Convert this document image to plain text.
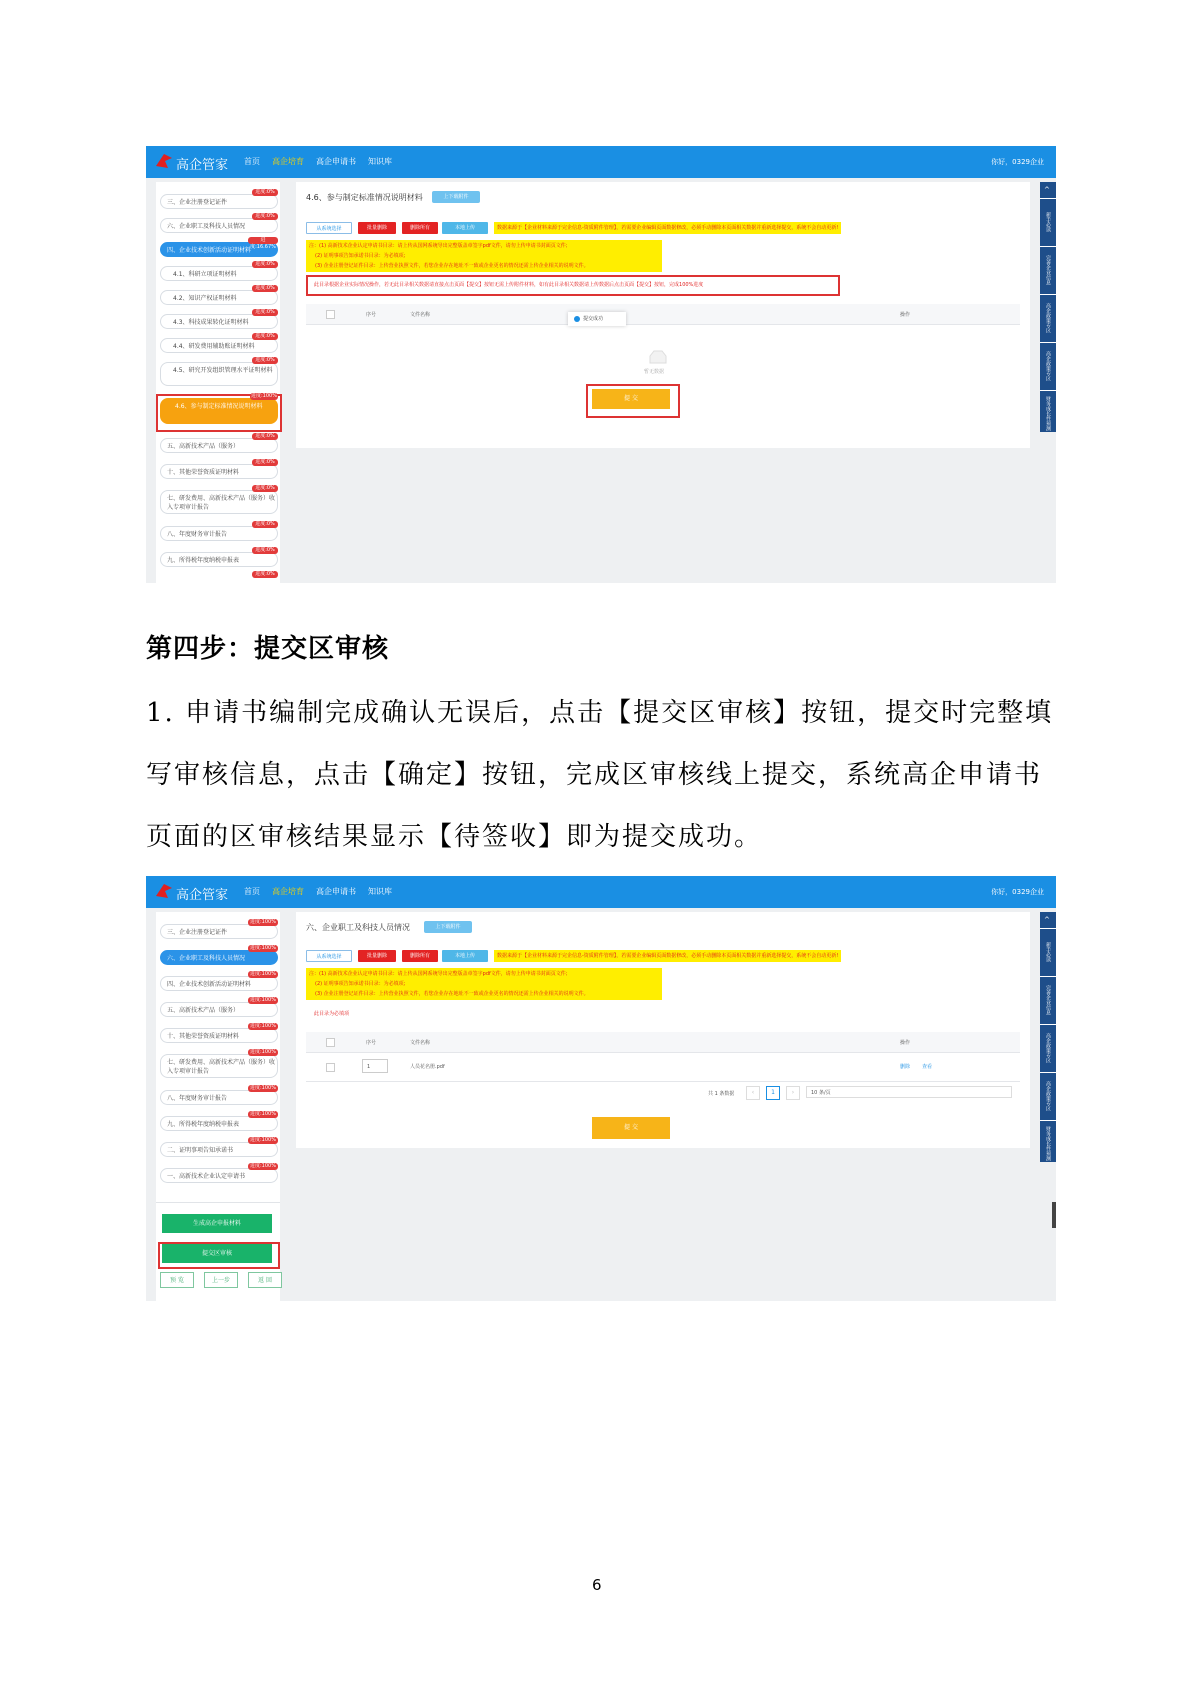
高企管家 首页 高企培育 高企申请书 知识库	你好，0329企业
三、企业注册登记证件
进度:0%
六、企业职工及科技人员情况
进度:0%
四、企业技术创新活动证明材料
进度:16.67%
4.1、科研立项证明材料
进度:0%
4.2、知识产权证明材料
进度:0%
4.3、科技成果转化证明材料
进度:0%
4.4、研发费用辅助账证明材料
进度:0%
4.5、研究开发组织管理水平证明材料
进度:0%
4.6、参与制定标准情况说明材料
进度:100%
五、高新技术产品（服务）
进度:0%
十、其他荣誉资质证明材料
进度:0%
七、研发费用、高新技术产品（服务）收入专项审计报告
进度:0%
八、年度财务审计报告
进度:0%
九、所得税年度纳税申报表
进度:0%
进度:0%
4.6、参与制定标准情况说明材料	上下载附件
从系统选择	批量删除	删除所有	本地上传	数据来源于【企业材料来源于完企信息-资质附件管理】，若需要企业编辑页面数据修改，必须手动删除本页面相关数据并重新选择提交，系统不会自动更新!
注：(1) 高新技术企业认定申请书目录：请上传从国网系统导出完整版盖章签字pdf文件，请勿上传申请书封面页文件;
(2) 证明事项告知承诺书目录：为必填项;
(3) 企业注册登记证件目录：上传营业执照文件，若您企业存在地址不一致或企业更名的情况还需上传企业相关的说明文件。
此目录根据企业实际情况操作，若无此目录相关数据请直接点击页面【提交】按钮无需上传附件材料，如有此目录相关数据请上传数据后点击页面【提交】按钮，完成100%进度
序号	文件名称	操作
提交成功
暂无数据
提 交
^
新手必读
完善企业信息
高企政策专区
高企政策专区
财务成长性预测
第四步：提交区审核
1. 申请书编制完成确认无误后，点击【提交区审核】按钮，提交时完整填
写审核信息，点击【确定】按钮，完成区审核线上提交，系统高企申请书
页面的区审核结果显示【待签收】即为提交成功。
高企管家 首页 高企培育 高企申请书 知识库	你好，0329企业
三、企业注册登记证件
进度:100%
六、企业职工及科技人员情况
进度:100%
四、企业技术创新活动证明材料
进度:100%
五、高新技术产品（服务）
进度:100%
十、其他荣誉资质证明材料
进度:100%
七、研发费用、高新技术产品（服务）收入专项审计报告
进度:100%
八、年度财务审计报告
进度:100%
九、所得税年度纳税申报表
进度:100%
二、证明事项告知承诺书
进度:100%
一、高新技术企业认定申请书
进度:100%
生成高企申报材料
提交区审核
预 览	上一步	返 回
六、企业职工及科技人员情况	上下载附件
从系统选择	批量删除	删除所有	本地上传	数据来源于【企业材料来源于完企信息-资质附件管理】，若需要企业编辑页面数据修改，必须手动删除本页面相关数据并重新选择提交，系统不会自动更新!
注：(1) 高新技术企业认定申请书目录：请上传从国网系统导出完整版盖章签字pdf文件，请勿上传申请书封面页文件;
(2) 证明事项告知承诺书目录：为必填项;
(3) 企业注册登记证件目录：上传营业执照文件，若您企业存在地址不一致或企业更名的情况还需上传企业相关的说明文件。
此目录为必填项
序号	文件名称	操作
1	人员花名册.pdf	删除 查看
共 1 条数据	‹	1	›	10 条/页
提 交
^
新手必读
完善企业信息
高企政策专区
高企政策专区
财务成长性预测
6
